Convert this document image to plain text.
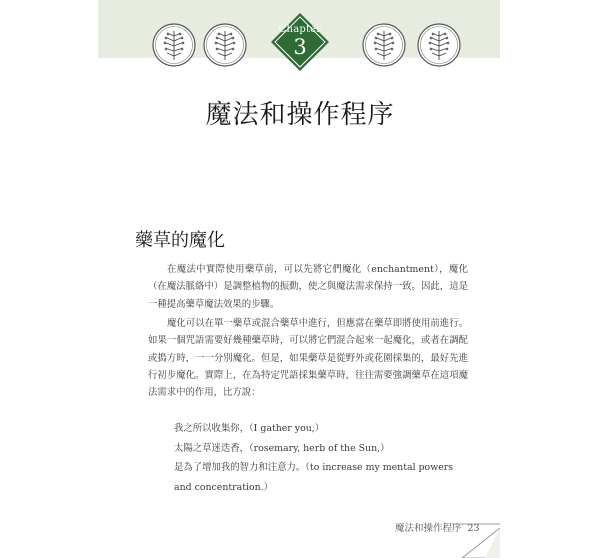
Chapter
3
魔法和操作程序
藥草的魔化

在魔法中實際使用藥草前，可以先將它們魔化（enchantment），魔化（在魔法脈絡中）是調整植物的振動，使之與魔法需求保持一致。因此，這是一種提高藥草魔法效果的步驟。

魔化可以在單一藥草或混合藥草中進行，但應當在藥草即將使用前進行。如果一個咒語需要好幾種藥草時，可以將它們混合起來一起魔化，或者在調配或搗方時，一一分別魔化。但是，如果藥草是從野外或花園採集的，最好先進行初步魔化。實際上，在為特定咒語採集藥草時，往往需要強調藥草在這項魔法需求中的作用，比方說：

我之所以收集你，（I gather you,）
太陽之草迷迭香，（rosemary, herb of the Sun,）
是為了增加我的智力和注意力。（to increase my mental powers
and concentration.）
魔法和操作程序 23
